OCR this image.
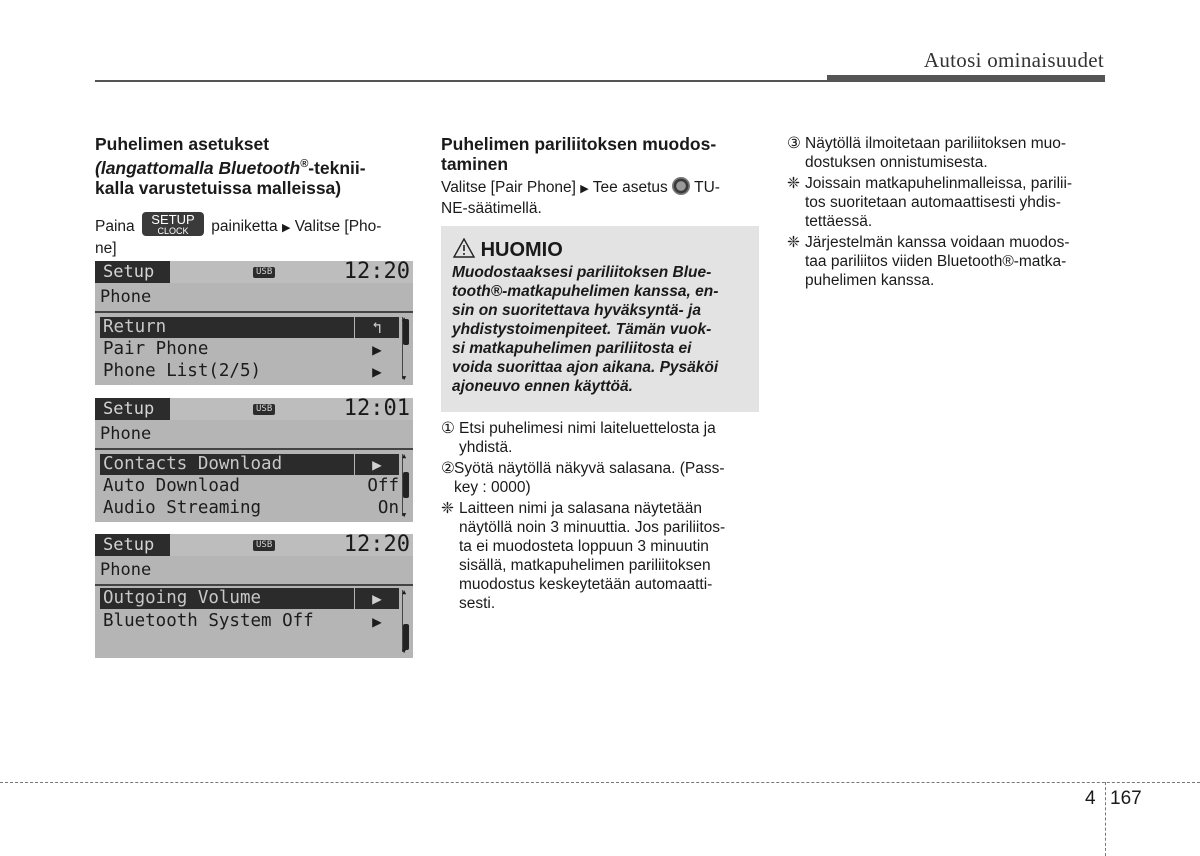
Autosi ominaisuudet
Puhelimen asetukset
(langattomalla Bluetooth®-teknii-
kalla varustetuissa malleissa)

Paina	SETUP
CLOCK	painiketta ▶ Valitse [Pho-
ne]

Setup	USB	12:20
Phone
Return	↰
Pair Phone	▶
Phone List(2/5)	▶	▼
Setup	USB	12:01
Phone
Contacts Download	▶
Auto Download	Off
Audio Streaming	On
▲
▼
Setup	USB	12:20
Phone
Outgoing Volume	▶
Bluetooth System Off	▶
▲
▼
Puhelimen pariliitoksen muodos-
taminen

Valitse [Pair Phone] ▶ Tee asetus TU-
NE-säätimellä.

HUOMIO
Muodostaaksesi pariliitoksen Blue-
tooth®-matkapuhelimen kanssa, en-
sin on suoritettava hyväksyntä- ja
yhdistystoimenpiteet. Tämän vuok-
si matkapuhelimen pariliitosta ei
voida suorittaa ajon aikana. Pysäköi
ajoneuvo ennen käyttöä.
① Etsi puhelimesi nimi laiteluettelosta ja
yhdistä.
② Syötä näytöllä näkyvä salasana. (Pass-
key : 0000)
❈ Laitteen nimi ja salasana näytetään
näytöllä noin 3 minuuttia. Jos pariliitos-
ta ei muodosteta loppuun 3 minuutin
sisällä, matkapuhelimen pariliitoksen
muodostus keskeytetään automaatti-
sesti.
③ Näytöllä ilmoitetaan pariliitoksen muo-
dostuksen onnistumisesta.
❈ Joissain matkapuhelinmalleissa, parilii-
tos suoritetaan automaattisesti yhdis-
tettäessä.
❈ Järjestelmän kanssa voidaan muodos-
taa pariliitos viiden Bluetooth®-matka-
puhelimen kanssa.
4 167
